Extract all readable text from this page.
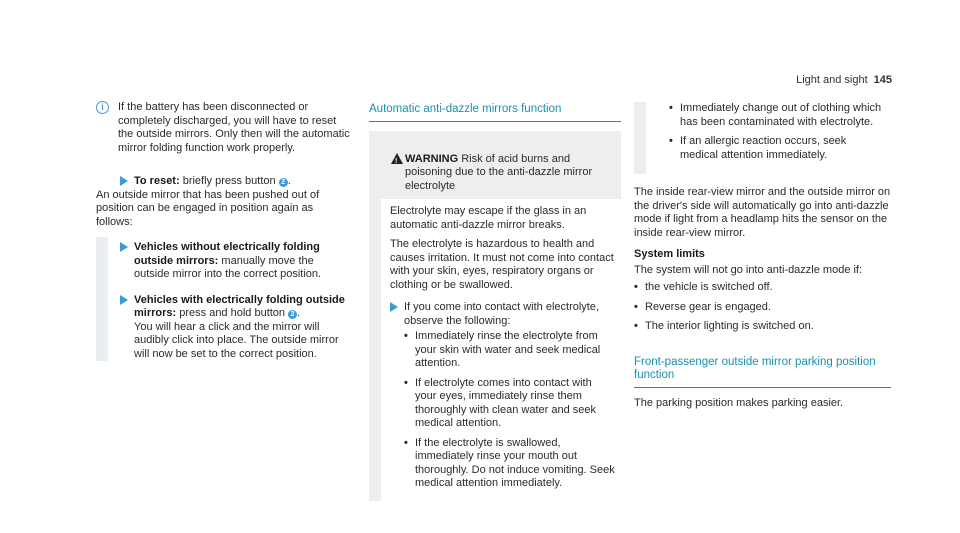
Light and sight 145
i	If the battery has been disconnected or completely discharged, you will have to reset the outside mirrors. Only then will the automatic mirror folding function work properly.
To reset: briefly press button 2 .
An outside mirror that has been pushed out of position can be engaged in position again as follows:
Vehicles without electrically folding outside mirrors: manually move the outside mirror into the correct position.
Vehicles with electrically folding outside mirrors: press and hold button 2 .
You will hear a click and the mirror will audibly click into place. The outside mirror will now be set to the correct position.
Automatic anti-dazzle mirrors function
! WARNING Risk of acid burns and poisoning due to the anti-dazzle mirror electrolyte

Electrolyte may escape if the glass in an automatic anti-dazzle mirror breaks.

The electrolyte is hazardous to health and causes irritation. It must not come into contact with your skin, eyes, respiratory organs or clothing or be swallowed.

If you come into contact with electrolyte, observe the following:
• Immediately rinse the electrolyte from your skin with water and seek medical attention.
• If electrolyte comes into contact with your eyes, immediately rinse them thoroughly with clean water and seek medical attention.
• If the electrolyte is swallowed, immediately rinse your mouth out thoroughly. Do not induce vomiting. Seek medical attention immediately.
• Immediately change out of clothing which has been contaminated with electrolyte.
• If an allergic reaction occurs, seek medical attention immediately.

The inside rear-view mirror and the outside mirror on the driver's side will automatically go into anti-dazzle mode if light from a headlamp hits the sensor on the inside rear-view mirror.

System limits

The system will not go into anti-dazzle mode if:

• the vehicle is switched off.
• Reverse gear is engaged.
• The interior lighting is switched on.
Front-passenger outside mirror parking position function

The parking position makes parking easier.
